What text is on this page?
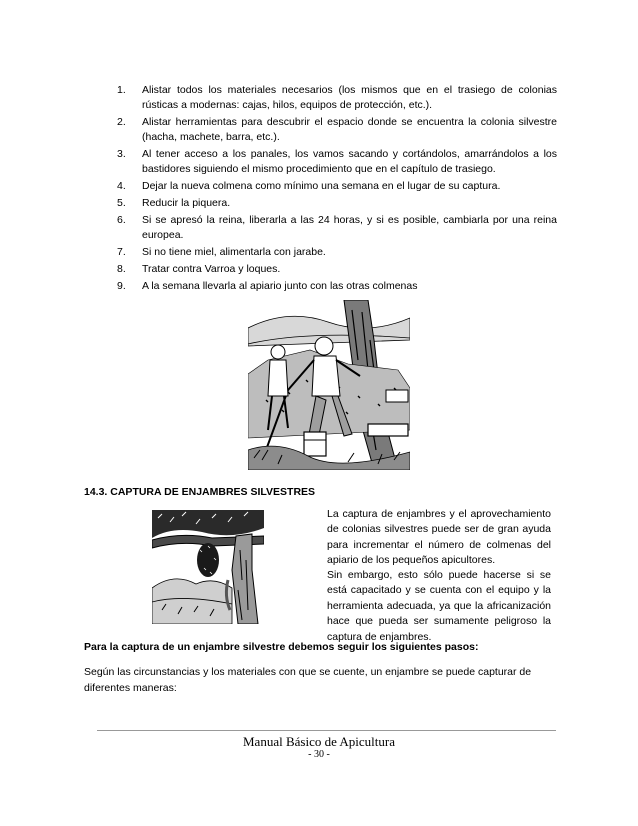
1.	Alistar todos los materiales necesarios (los mismos que en el trasiego de colonias rústicas a modernas: cajas, hilos, equipos de protección, etc.).
2.	Alistar herramientas para descubrir el espacio donde se encuentra la colonia silvestre (hacha, machete, barra, etc.).
3.	Al tener acceso a los panales, los vamos sacando y cortándolos, amarrándolos a los bastidores siguiendo el mismo procedimiento que en el capítulo de trasiego.
4.	Dejar la nueva colmena como mínimo una semana en el lugar de su captura.
5.	Reducir la piquera.
6.	Si se apresó la reina, liberarla a las 24 horas, y si es posible, cambiarla por una reina europea.
7.	Si no tiene miel, alimentarla con jarabe.
8.	Tratar contra Varroa y loques.
9.	A la semana llevarla al apiario junto con las otras colmenas
14.3. CAPTURA DE ENJAMBRES SILVESTRES

La captura de enjambres y el aprovechamiento de colonias silvestres puede ser de gran ayuda para incrementar el número de colmenas del apiario de los pequeños apicultores.

Sin embargo, esto sólo puede hacerse si se está capacitado y se cuenta con el equipo y la herramienta adecuada, ya que la africanización hace que pueda ser sumamente peligroso la captura de enjambres.

Para la captura de un enjambre silvestre debemos seguir los siguientes pasos:

Según las circunstancias y los materiales con que se cuente, un enjambre se puede capturar de diferentes maneras:

Manual Básico de Apicultura
- 30 -
